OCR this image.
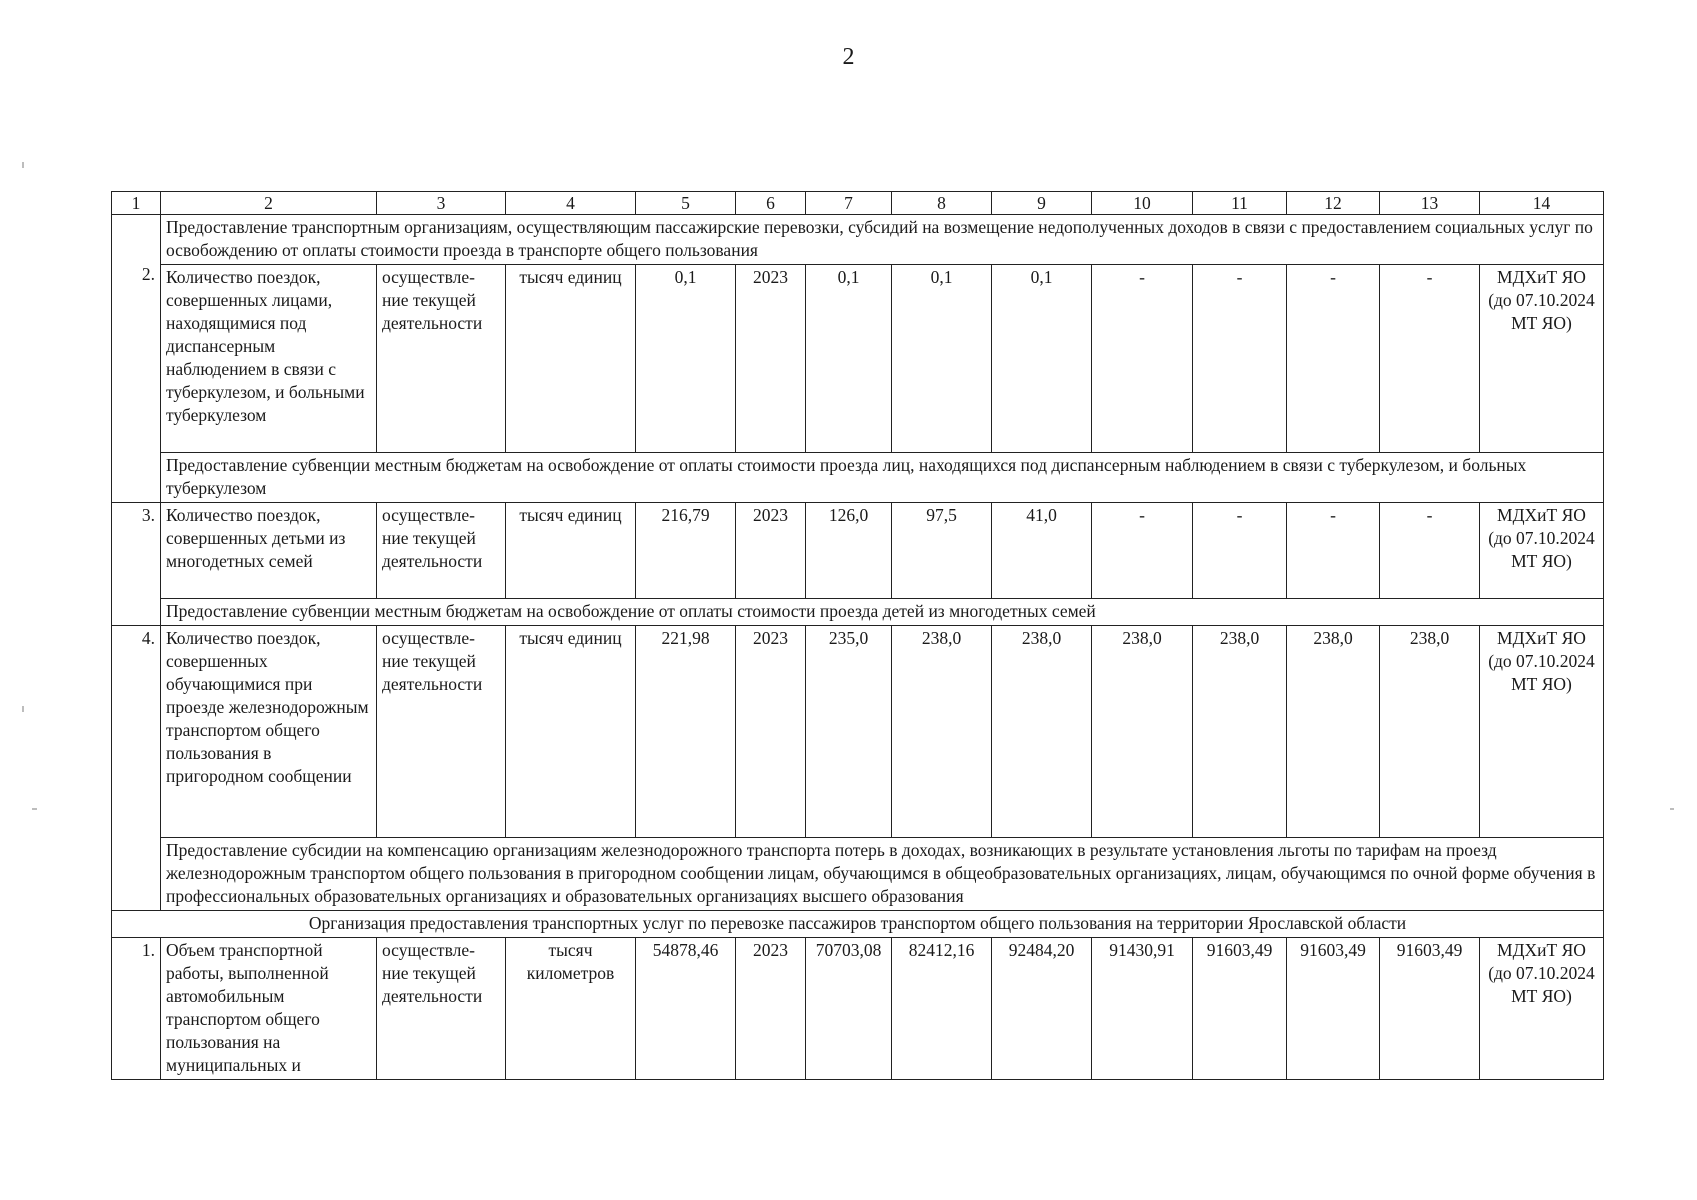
2
1	2	3	4	5	6	7	8	9	10	11	12	13	14

2.	Предоставление транспортным организациям, осуществляющим пассажирские перевозки, субсидий на возмещение недополученных доходов в связи с предоставлением социальных услуг по освобождению от оплаты стоимости проезда в транспорте общего пользования												
	Количество поездок, совершенных лицами, находящимися под диспансерным наблюдением в связи с туберкулезом, и больными туберкулезом	осуществле-ние текущей деятельности	тысяч единиц	0,1	2023	0,1	0,1	0,1	-	-	-	-	МДХиТ ЯО (до 07.10.2024 МТ ЯО)
	Предоставление субвенции местным бюджетам на освобождение от оплаты стоимости проезда лиц, находящихся под диспансерным наблюдением в связи с туберкулезом, и больных туберкулезом												
3.	Количество поездок, совершенных детьми из многодетных семей	осуществле-ние текущей деятельности	тысяч единиц	216,79	2023	126,0	97,5	41,0	-	-	-	-	МДХиТ ЯО (до 07.10.2024 МТ ЯО)
	Предоставление субвенции местным бюджетам на освобождение от оплаты стоимости проезда детей из многодетных семей												
4.	Количество поездок, совершенных обучающимися при проезде железнодорожным транспортом общего пользования в пригородном сообщении	осуществле-ние текущей деятельности	тысяч единиц	221,98	2023	235,0	238,0	238,0	238,0	238,0	238,0	238,0	МДХиТ ЯО (до 07.10.2024 МТ ЯО)
	Предоставление субсидии на компенсацию организациям железнодорожного транспорта потерь в доходах, возникающих в результате установления льготы по тарифам на проезд железнодорожным транспортом общего пользования в пригородном сообщении лицам, обучающимся в общеобразовательных организациях, лицам, обучающимся по очной форме обучения в профессиональных образовательных организациях и образовательных организациях высшего образования												
Организация предоставления транспортных услуг по перевозке пассажиров транспортом общего пользования на территории Ярославской области													
1.	Объем транспортной работы, выполненной автомобильным транспортом общего пользования на муниципальных и	осуществле-ние текущей деятельности	тысяч километров	54878,46	2023	70703,08	82412,16	92484,20	91430,91	91603,49	91603,49	91603,49	МДХиТ ЯО (до 07.10.2024 МТ ЯО)
